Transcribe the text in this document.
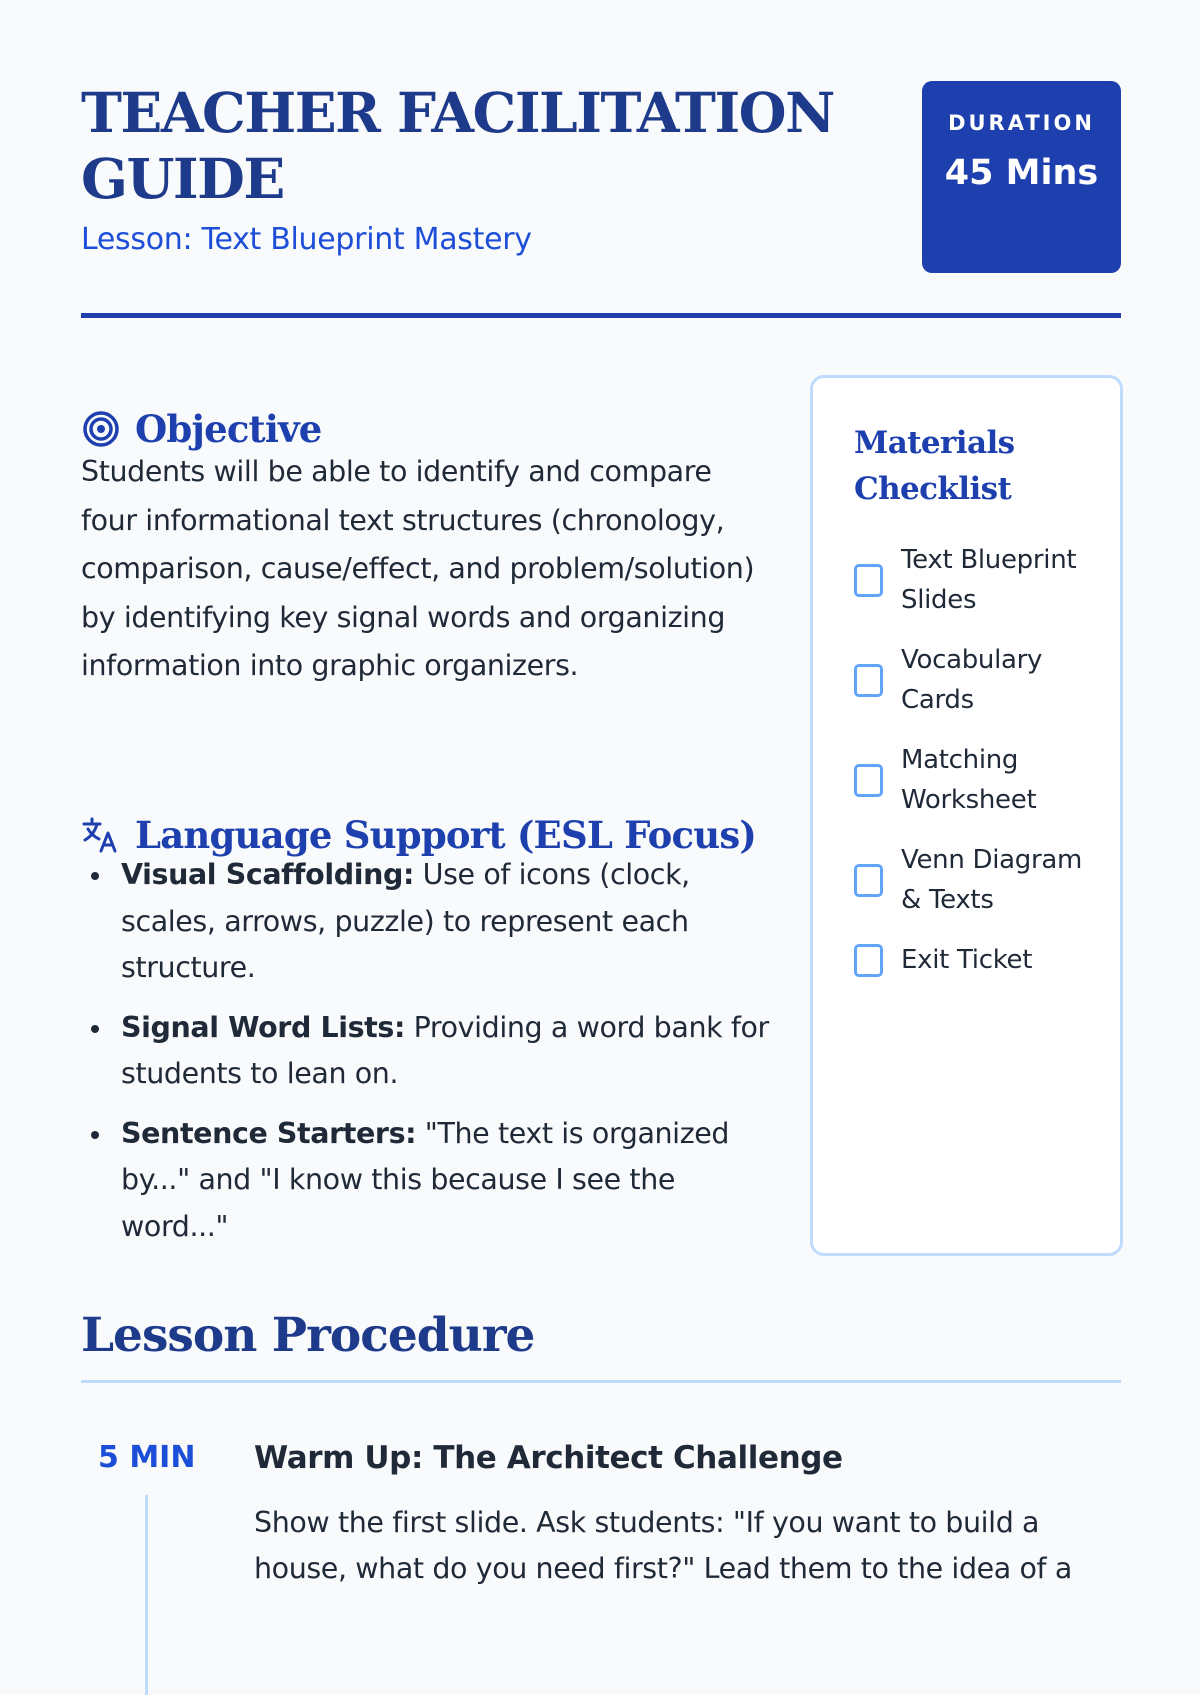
TEACHER FACILITATION GUIDE

Lesson: Text Blueprint Mastery

DURATION
45 Mins
Objective

Students will be able to identify and compare four informational text structures (chronology, comparison, cause/effect, and problem/solution) by identifying key signal words and organizing information into graphic organizers.

Language Support (ESL Focus)
Visual Scaffolding: Use of icons (clock, scales, arrows, puzzle) to represent each structure.
Signal Word Lists: Providing a word bank for students to lean on.
Sentence Starters: "The text is organized by..." and "I know this because I see the word..."
Materials Checklist
Text Blueprint Slides
Vocabulary Cards
Matching Worksheet
Venn Diagram & Texts
Exit Ticket
Lesson Procedure
5 MIN Warm Up: The Architect Challenge

Show the first slide. Ask students: "If you want to build a house, what do you need first?" Lead them to the idea of a
